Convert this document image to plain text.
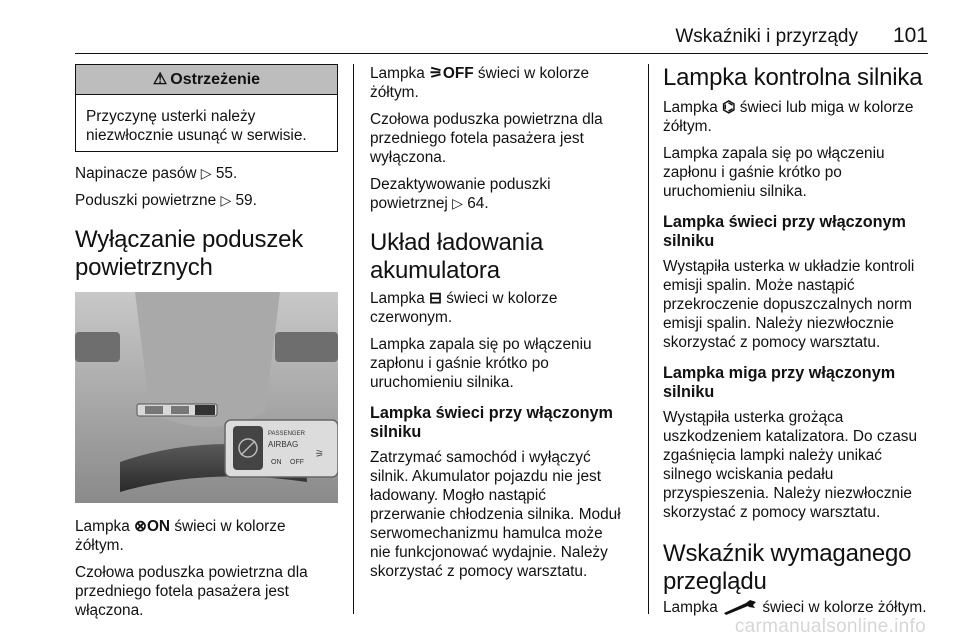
Wskaźniki i przyrządy 101
⚠ Ostrzeżenie
Przyczynę usterki należy
niezwłocznie usunąć w serwisie.

Napinacze pasów ▷ 55.

Poduszki powietrzne ▷ 59.

Wyłączanie poduszek
powietrznych
PASSENGER
AIRBAG
ON OFF
⚞

Lampka ⊗ON świeci w kolorze
żółtym.

Czołowa poduszka powietrzna dla
przedniego fotela pasażera jest
włączona.

Lampka ⚞OFF świeci w kolorze
żółtym.

Czołowa poduszka powietrzna dla
przedniego fotela pasażera jest
wyłączona.

Dezaktywowanie poduszki
powietrznej ▷ 64.

Układ ładowania
akumulatora

Lampka ⊟ świeci w kolorze
czerwonym.

Lampka zapala się po włączeniu
zapłonu i gaśnie krótko po
uruchomieniu silnika.

Lampka świeci przy włączonym
silniku

Zatrzymać samochód i wyłączyć
silnik. Akumulator pojazdu nie jest
ładowany. Mogło nastąpić
przerwanie chłodzenia silnika. Moduł
serwomechanizmu hamulca może
nie funkcjonować wydajnie. Należy
skorzystać z pomocy warsztatu.

Lampka kontrolna silnika

Lampka ⌬ świeci lub miga w kolorze
żółtym.

Lampka zapala się po włączeniu
zapłonu i gaśnie krótko po
uruchomieniu silnika.

Lampka świeci przy włączonym
silniku

Wystąpiła usterka w układzie kontroli
emisji spalin. Może nastąpić
przekroczenie dopuszczalnych norm
emisji spalin. Należy niezwłocznie
skorzystać z pomocy warsztatu.

Lampka miga przy włączonym
silniku

Wystąpiła usterka grożąca
uszkodzeniem katalizatora. Do czasu
zgaśnięcia lampki należy unikać
silnego wciskania pedału
przyspieszenia. Należy niezwłocznie
skorzystać z pomocy warsztatu.

Wskaźnik wymaganego
przeglądu

Lampka	świeci w kolorze żółtym.

carmanualsonline.info
